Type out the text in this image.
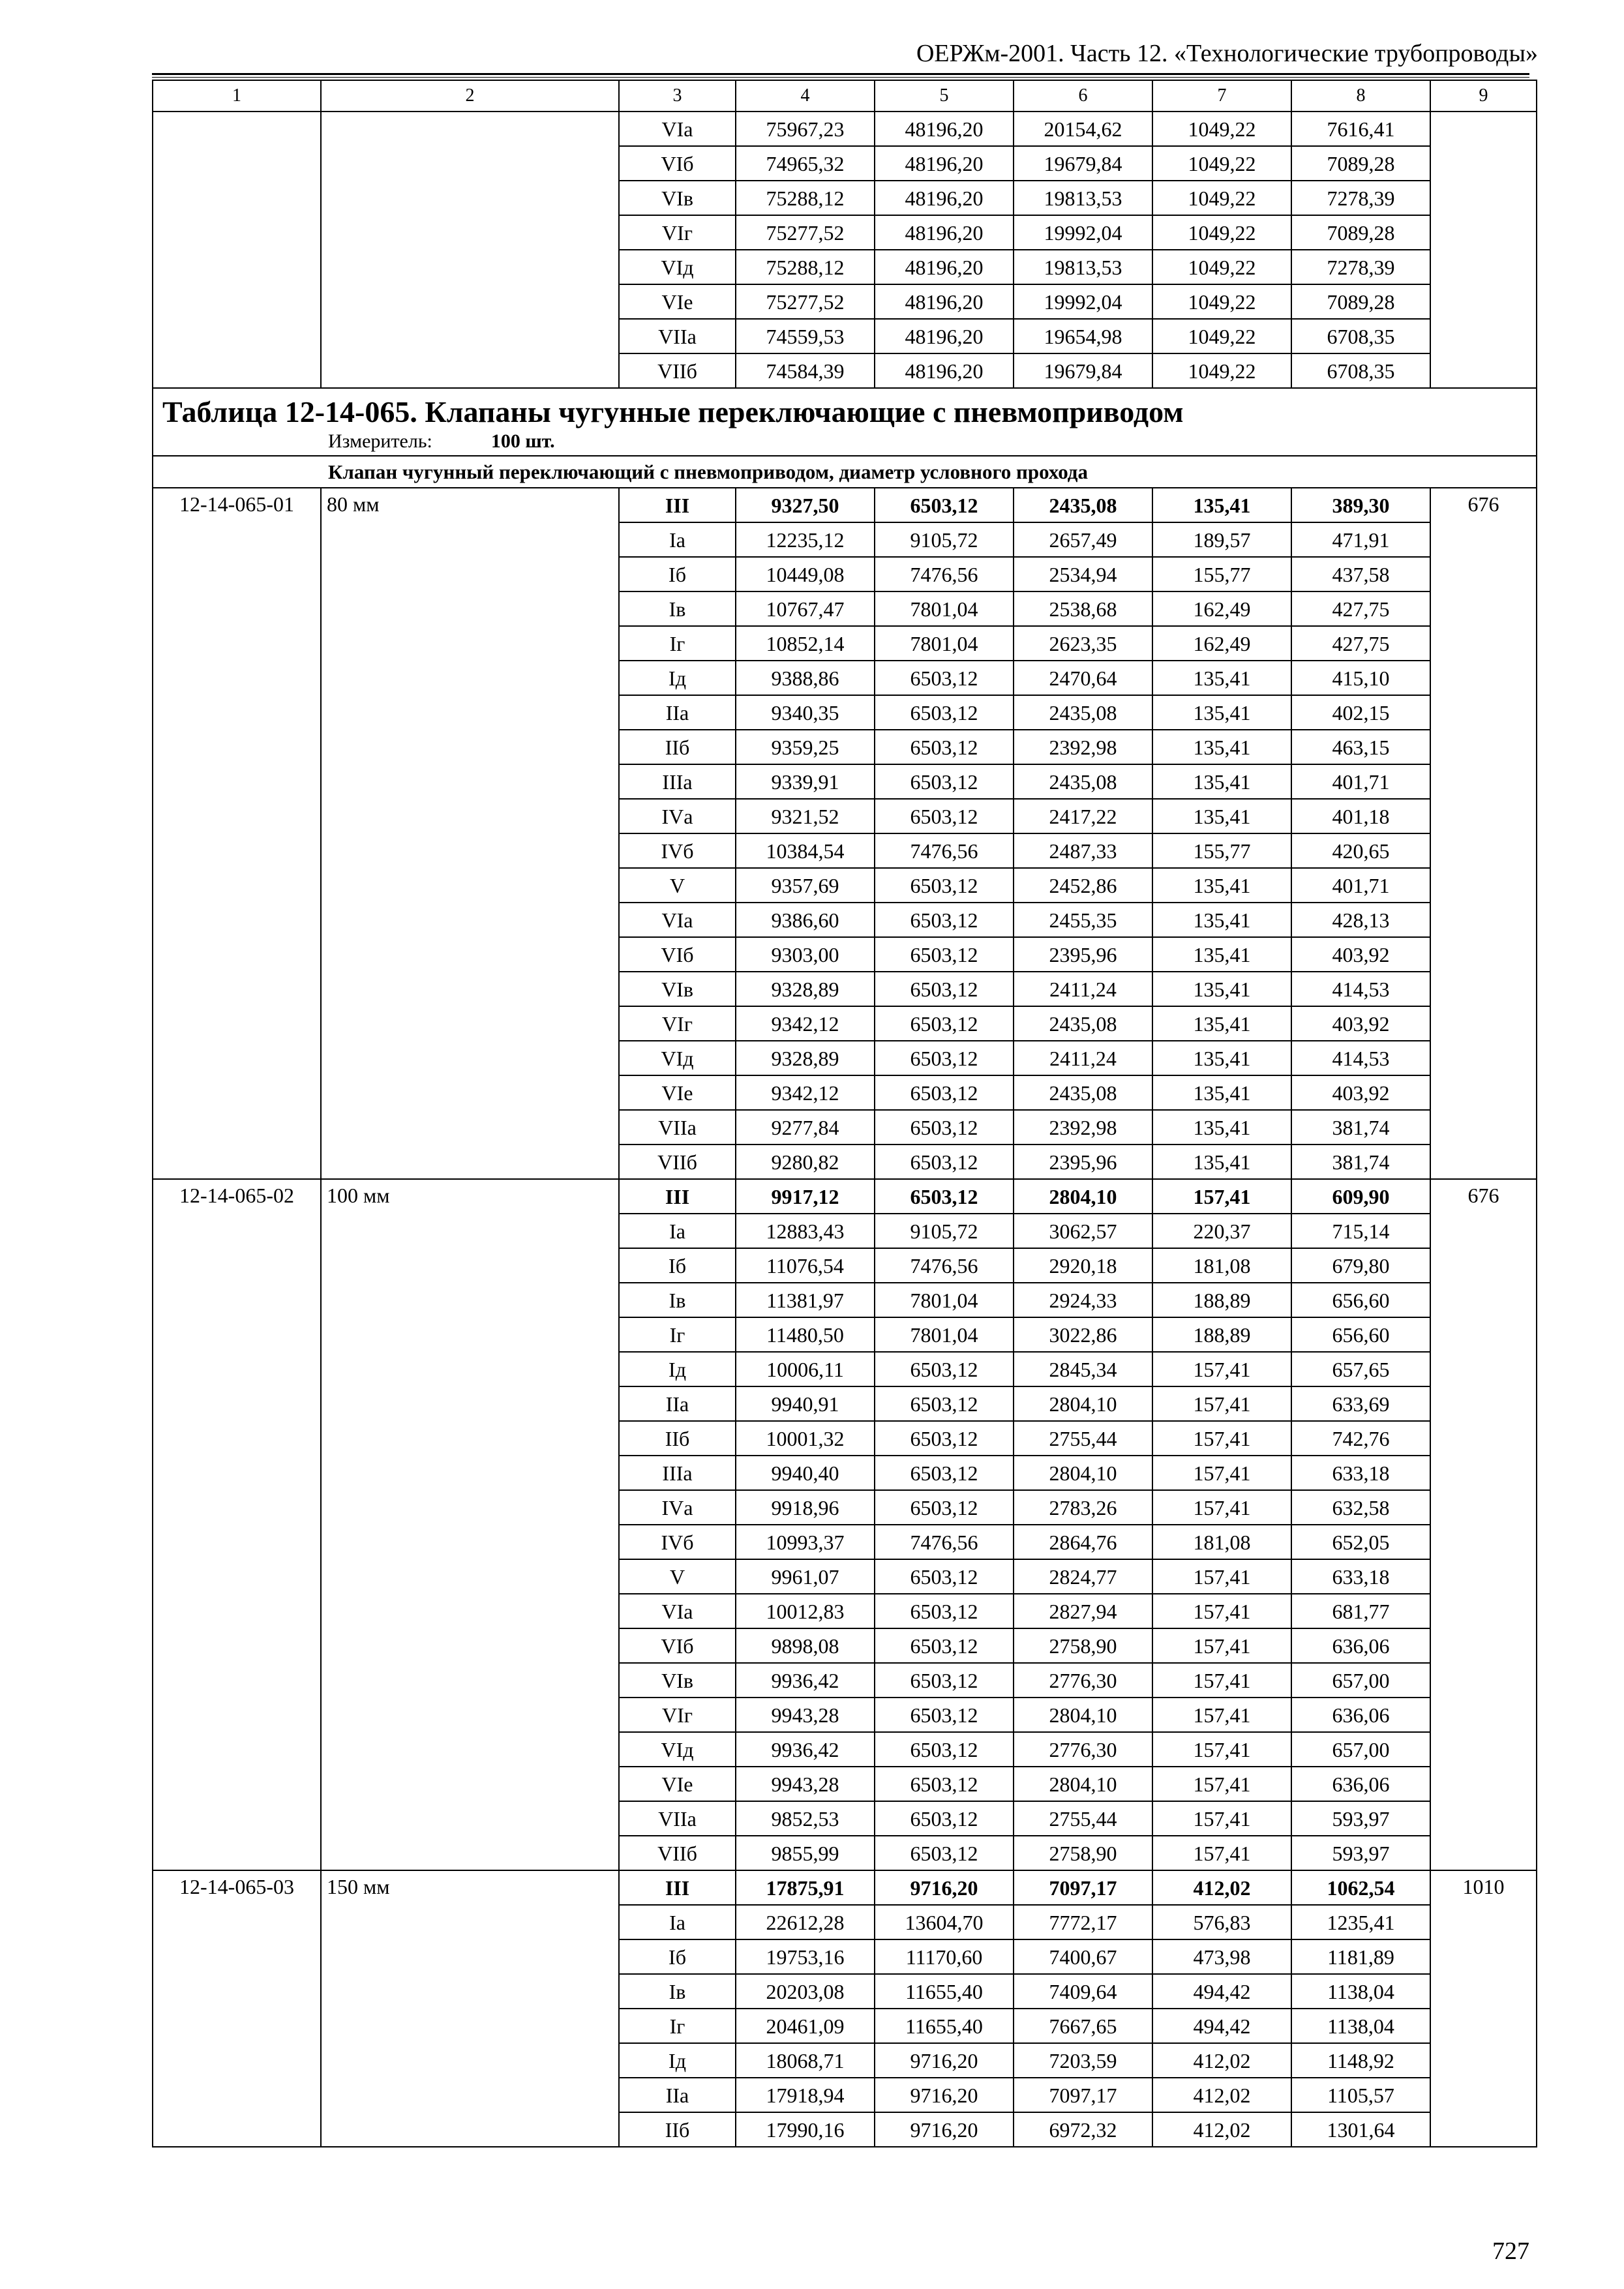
ОЕРЖм-2001. Часть 12. «Технологические трубопроводы»
1	2	3	4	5	6	7	8	9
		VIа	75967,23	48196,20	20154,62	1049,22	7616,41	
		VIб	74965,32	48196,20	19679,84	1049,22	7089,28	
		VIв	75288,12	48196,20	19813,53	1049,22	7278,39	
		VIг	75277,52	48196,20	19992,04	1049,22	7089,28	
		VIд	75288,12	48196,20	19813,53	1049,22	7278,39	
		VIе	75277,52	48196,20	19992,04	1049,22	7089,28	
		VIIа	74559,53	48196,20	19654,98	1049,22	6708,35	
		VIIб	74584,39	48196,20	19679,84	1049,22	6708,35	
Таблица 12-14-065. Клапаны чугунные переключающие с пневмоприводом								
Измеритель: 100 шт.								
Клапан чугунный переключающий с пневмоприводом, диаметр условного прохода								
12-14-065-01	80 мм	III	9327,50	6503,12	2435,08	135,41	389,30	676
		Iа	12235,12	9105,72	2657,49	189,57	471,91	
		Iб	10449,08	7476,56	2534,94	155,77	437,58	
		Iв	10767,47	7801,04	2538,68	162,49	427,75	
		Iг	10852,14	7801,04	2623,35	162,49	427,75	
		Iд	9388,86	6503,12	2470,64	135,41	415,10	
		IIа	9340,35	6503,12	2435,08	135,41	402,15	
		IIб	9359,25	6503,12	2392,98	135,41	463,15	
		IIIа	9339,91	6503,12	2435,08	135,41	401,71	
		IVа	9321,52	6503,12	2417,22	135,41	401,18	
		IVб	10384,54	7476,56	2487,33	155,77	420,65	
		V	9357,69	6503,12	2452,86	135,41	401,71	
		VIа	9386,60	6503,12	2455,35	135,41	428,13	
		VIб	9303,00	6503,12	2395,96	135,41	403,92	
		VIв	9328,89	6503,12	2411,24	135,41	414,53	
		VIг	9342,12	6503,12	2435,08	135,41	403,92	
		VIд	9328,89	6503,12	2411,24	135,41	414,53	
		VIе	9342,12	6503,12	2435,08	135,41	403,92	
		VIIа	9277,84	6503,12	2392,98	135,41	381,74	
		VIIб	9280,82	6503,12	2395,96	135,41	381,74	
12-14-065-02	100 мм	III	9917,12	6503,12	2804,10	157,41	609,90	676
		Iа	12883,43	9105,72	3062,57	220,37	715,14	
		Iб	11076,54	7476,56	2920,18	181,08	679,80	
		Iв	11381,97	7801,04	2924,33	188,89	656,60	
		Iг	11480,50	7801,04	3022,86	188,89	656,60	
		Iд	10006,11	6503,12	2845,34	157,41	657,65	
		IIа	9940,91	6503,12	2804,10	157,41	633,69	
		IIб	10001,32	6503,12	2755,44	157,41	742,76	
		IIIа	9940,40	6503,12	2804,10	157,41	633,18	
		IVа	9918,96	6503,12	2783,26	157,41	632,58	
		IVб	10993,37	7476,56	2864,76	181,08	652,05	
		V	9961,07	6503,12	2824,77	157,41	633,18	
		VIа	10012,83	6503,12	2827,94	157,41	681,77	
		VIб	9898,08	6503,12	2758,90	157,41	636,06	
		VIв	9936,42	6503,12	2776,30	157,41	657,00	
		VIг	9943,28	6503,12	2804,10	157,41	636,06	
		VIд	9936,42	6503,12	2776,30	157,41	657,00	
		VIе	9943,28	6503,12	2804,10	157,41	636,06	
		VIIа	9852,53	6503,12	2755,44	157,41	593,97	
		VIIб	9855,99	6503,12	2758,90	157,41	593,97	
12-14-065-03	150 мм	III	17875,91	9716,20	7097,17	412,02	1062,54	1010
		Iа	22612,28	13604,70	7772,17	576,83	1235,41	
		Iб	19753,16	11170,60	7400,67	473,98	1181,89	
		Iв	20203,08	11655,40	7409,64	494,42	1138,04	
		Iг	20461,09	11655,40	7667,65	494,42	1138,04	
		Iд	18068,71	9716,20	7203,59	412,02	1148,92	
		IIа	17918,94	9716,20	7097,17	412,02	1105,57	
		IIб	17990,16	9716,20	6972,32	412,02	1301,64	
727
